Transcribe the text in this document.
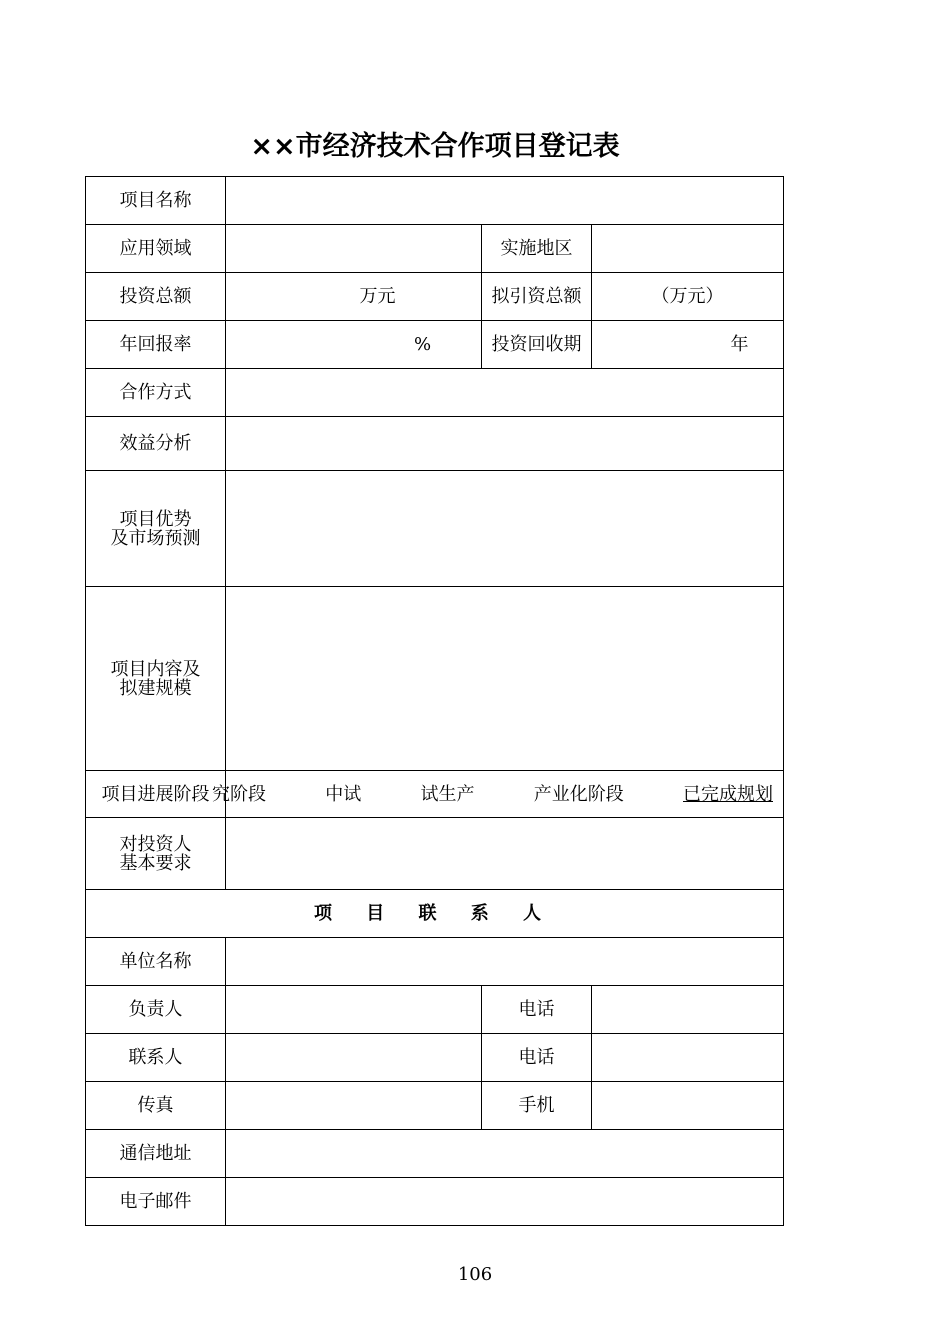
××市经济技术合作项目登记表
项目名称			
应用领域		实施地区	
投资总额	万元	拟引资总额	（万元）
年回报率	%	投资回收期	年
合作方式			
效益分析			

项目优势
及市场预测			

项目内容及
拟建规模			

项目进展阶段	究阶段 中试 试生产 产业化阶段 已完成规划		

对投资人
基本要求			

项 目 联 系 人			
单位名称			
负责人		电话	
联系人		电话	
传真		手机	
通信地址			
电子邮件			
106
